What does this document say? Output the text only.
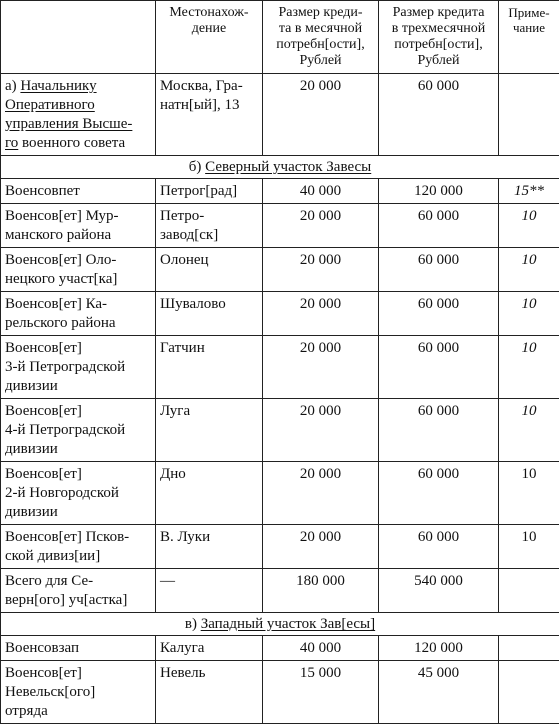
	Местонахож-
дение	Размер креди-
та в месячной
потребн[ости],
Рублей	Размер кредита
в трехмесячной
потребн[ости],
Рублей	Приме-
чание
а) Начальнику
Оперативного
управления Высше-
го военного совета	Москва, Гра-
натн[ый], 13	20 000	60 000	
б) Северный участок Завесы				
Военсовпет	Петрог[рад]	40 000	120 000	15**
Военсов[ет] Мур-
манского района	Петро-
завод[ск]	20 000	60 000	10
Военсов[ет] Оло-
нецкого участ[ка]	Олонец	20 000	60 000	10
Военсов[ет] Ка-
рельского района	Шувалово	20 000	60 000	10
Военсов[ет]
3-й Петроградской
дивизии	Гатчин	20 000	60 000	10
Военсов[ет]
4-й Петроградской
дивизии	Луга	20 000	60 000	10
Военсов[ет]
2-й Новгородской
дивизии	Дно	20 000	60 000	10
Военсов[ет] Псков-
ской дивиз[ии]	В. Луки	20 000	60 000	10
Всего для Се-
верн[ого] уч[астка]	—	180 000	540 000	
в) Западный участок Зав[есы]				
Военсовзап	Калуга	40 000	120 000	
Военсов[ет]
Невельск[ого]
отряда	Невель	15 000	45 000	
